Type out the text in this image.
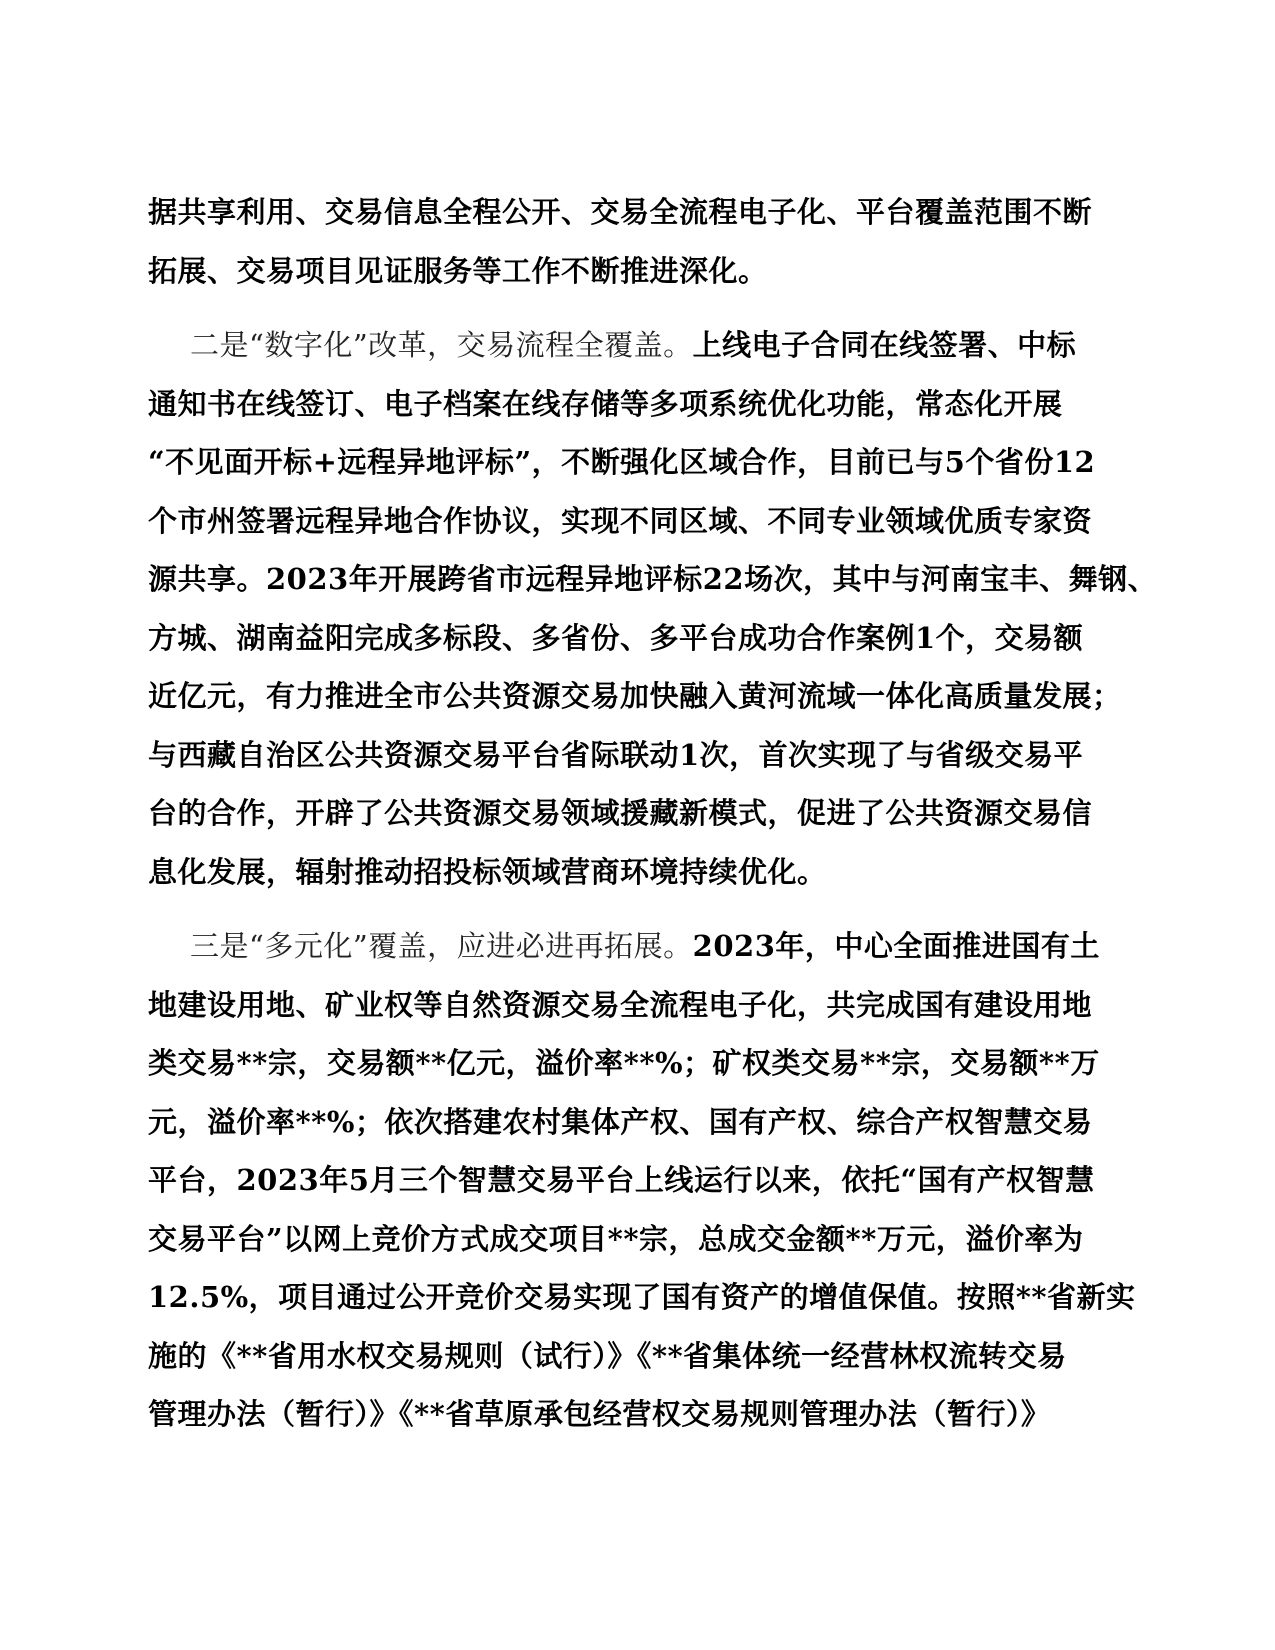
据共享利用、交易信息全程公开、交易全流程电子化、平台覆盖范围不断
拓展、交易项目见证服务等工作不断推进深化。
二是“数字化”改革，交易流程全覆盖。上线电子合同在线签署、中标
通知书在线签订、电子档案在线存储等多项系统优化功能，常态化开展
“不见面开标+远程异地评标”，不断强化区域合作，目前已与5个省份12
个市州签署远程异地合作协议，实现不同区域、不同专业领域优质专家资
源共享。2023年开展跨省市远程异地评标22场次，其中与河南宝丰、舞钢、
方城、湖南益阳完成多标段、多省份、多平台成功合作案例1个，交易额
近亿元，有力推进全市公共资源交易加快融入黄河流域一体化高质量发展；
与西藏自治区公共资源交易平台省际联动1次，首次实现了与省级交易平
台的合作，开辟了公共资源交易领域援藏新模式，促进了公共资源交易信
息化发展，辐射推动招投标领域营商环境持续优化。
三是“多元化”覆盖，应进必进再拓展。2023年，中心全面推进国有土
地建设用地、矿业权等自然资源交易全流程电子化，共完成国有建设用地
类交易**宗，交易额**亿元，溢价率**%；矿权类交易**宗，交易额**万
元，溢价率**%；依次搭建农村集体产权、国有产权、综合产权智慧交易
平台，2023年5月三个智慧交易平台上线运行以来，依托“国有产权智慧
交易平台”以网上竞价方式成交项目**宗，总成交金额**万元，溢价率为
12.5%，项目通过公开竞价交易实现了国有资产的增值保值。按照**省新实
施的《**省用水权交易规则（试行）》《**省集体统一经营林权流转交易
管理办法（暂行）》《**省草原承包经营权交易规则管理办法（暂行）》
